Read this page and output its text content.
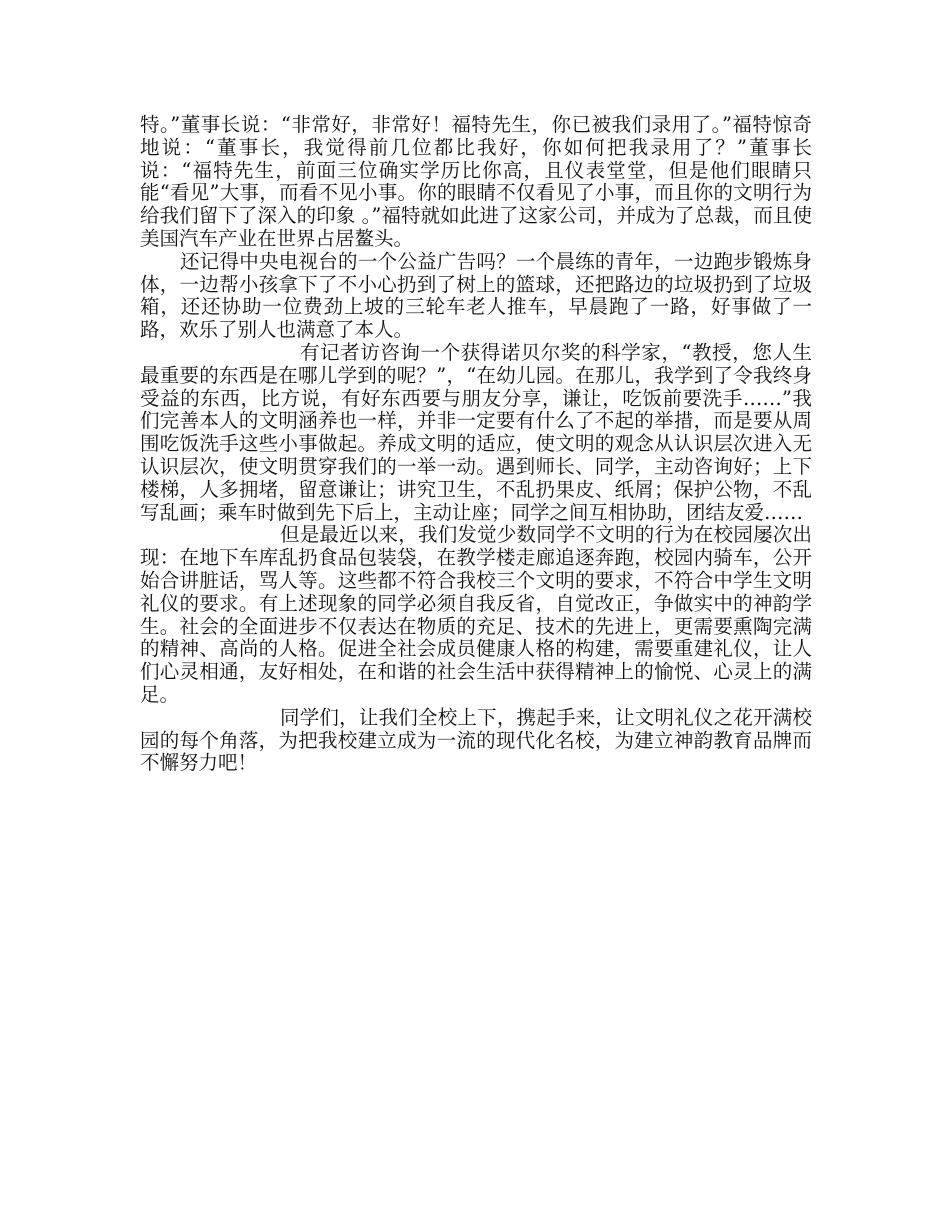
特。”董事长说：“非常好，非常好！福特先生，你已被我们录用了。”福特惊奇地说：“董事长，我觉得前几位都比我好，你如何把我录用了？”董事长说：“福特先生，前面三位确实学历比你高，且仪表堂堂，但是他们眼睛只能“看见”大事，而看不见小事。你的眼睛不仅看见了小事，而且你的文明行为给我们留下了深入的印象 。”福特就如此进了这家公司，并成为了总裁，而且使美国汽车产业在世界占居鳌头。

还记得中央电视台的一个公益广告吗？一个晨练的青年，一边跑步锻炼身体，一边帮小孩拿下了不小心扔到了树上的篮球，还把路边的垃圾扔到了垃圾箱，还还协助一位费劲上坡的三轮车老人推车，早晨跑了一路，好事做了一路，欢乐了别人也满意了本人。

有记者访咨询一个获得诺贝尔奖的科学家，“教授，您人生最重要的东西是在哪儿学到的呢？”，“在幼儿园。在那儿，我学到了令我终身受益的东西，比方说，有好东西要与朋友分享，谦让，吃饭前要洗手……”我们完善本人的文明涵养也一样，并非一定要有什么了不起的举措，而是要从周围吃饭洗手这些小事做起。养成文明的适应，使文明的观念从认识层次进入无认识层次，使文明贯穿我们的一举一动。遇到师长、同学，主动咨询好；上下楼梯，人多拥堵，留意谦让；讲究卫生，不乱扔果皮、纸屑；保护公物，不乱写乱画；乘车时做到先下后上，主动让座；同学之间互相协助，团结友爱……

但是最近以来，我们发觉少数同学不文明的行为在校园屡次出现：在地下车库乱扔食品包装袋，在教学楼走廊追逐奔跑，校园内骑车，公开始合讲脏话，骂人等。这些都不符合我校三个文明的要求，不符合中学生文明礼仪的要求。有上述现象的同学必须自我反省，自觉改正，争做实中的神韵学生。社会的全面进步不仅表达在物质的充足、技术的先进上，更需要熏陶完满的精神、高尚的人格。促进全社会成员健康人格的构建，需要重建礼仪，让人们心灵相通，友好相处，在和谐的社会生活中获得精神上的愉悦、心灵上的满足。

同学们，让我们全校上下，携起手来，让文明礼仪之花开满校园的每个角落，为把我校建立成为一流的现代化名校，为建立神韵教育品牌而不懈努力吧！
